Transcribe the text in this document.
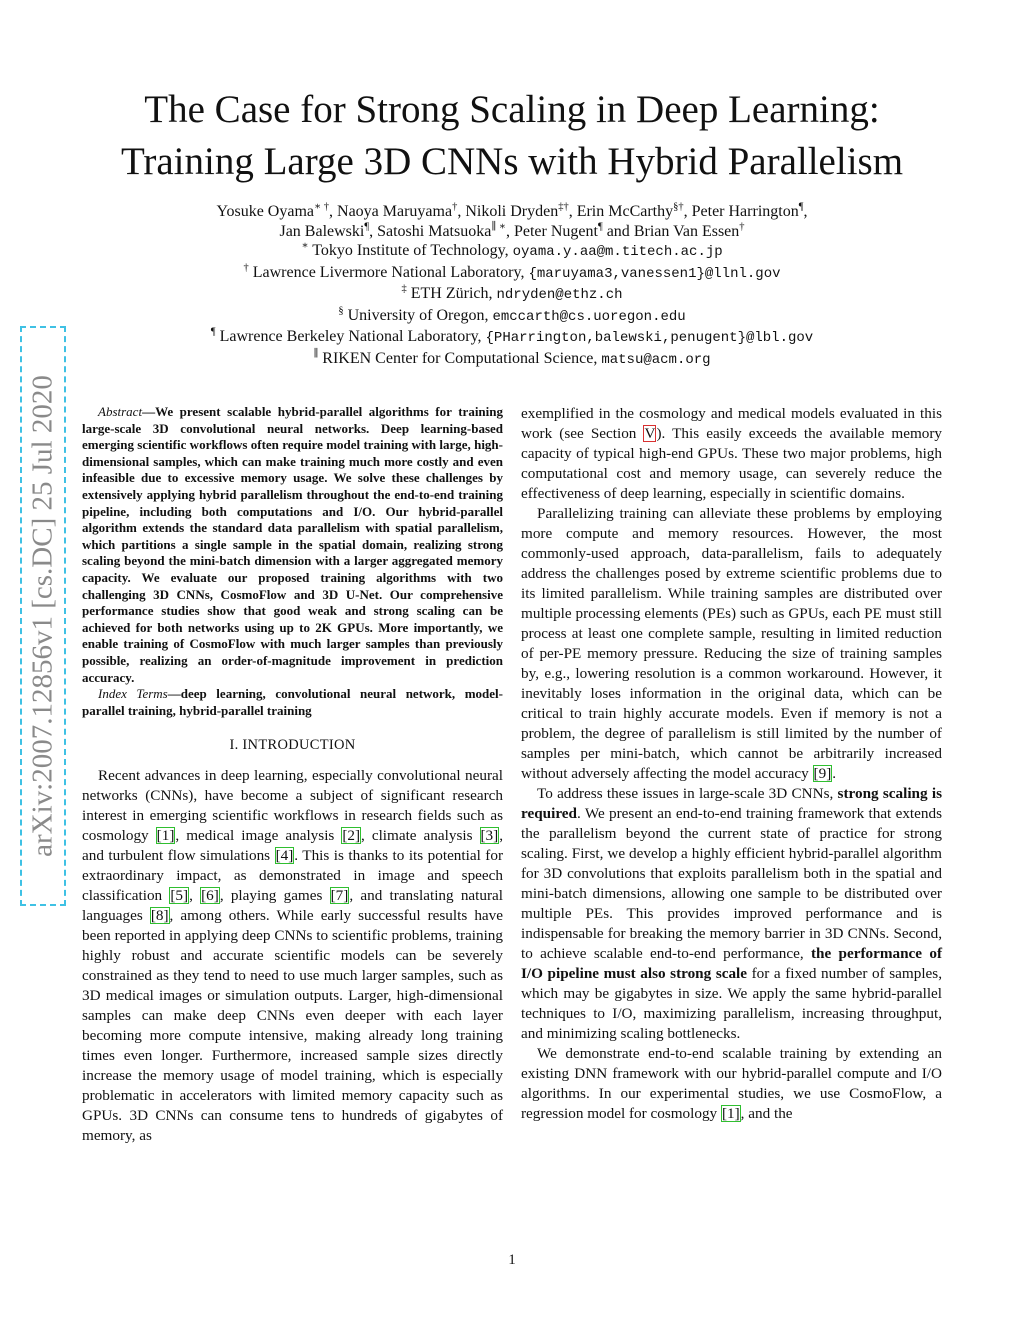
The Case for Strong Scaling in Deep Learning:
Training Large 3D CNNs with Hybrid Parallelism
Yosuke Oyama∗ †, Naoya Maruyama†, Nikoli Dryden‡†, Erin McCarthy§†, Peter Harrington¶,
Jan Balewski¶, Satoshi Matsuoka∥ ∗, Peter Nugent¶ and Brian Van Essen†
∗ Tokyo Institute of Technology, oyama.y.aa@m.titech.ac.jp
† Lawrence Livermore National Laboratory, {maruyama3,vanessen1}@llnl.gov
‡ ETH Zürich, ndryden@ethz.ch
§ University of Oregon, emccarth@cs.uoregon.edu
¶ Lawrence Berkeley National Laboratory, {PHarrington,balewski,penugent}@lbl.gov
∥ RIKEN Center for Computational Science, matsu@acm.org
arXiv:2007.12856v1 [cs.DC] 25 Jul 2020	Abstract—We present scalable hybrid-parallel algorithms for training large-scale 3D convolutional neural networks. Deep learning-based emerging scientific workflows often require model training with large, high-dimensional samples, which can make training much more costly and even infeasible due to excessive memory usage. We solve these challenges by extensively applying hybrid parallelism throughout the end-to-end training pipeline, including both computations and I/O. Our hybrid-parallel algorithm extends the standard data parallelism with spatial parallelism, which partitions a single sample in the spatial domain, realizing strong scaling beyond the mini-batch dimension with a larger aggregated memory capacity. We evaluate our proposed training algorithms with two challenging 3D CNNs, CosmoFlow and 3D U-Net. Our comprehensive performance studies show that good weak and strong scaling can be achieved for both networks using up to 2K GPUs. More importantly, we enable training of CosmoFlow with much larger samples than previously possible, realizing an order-of-magnitude improvement in prediction accuracy.
Index Terms—deep learning, convolutional neural network, model-parallel training, hybrid-parallel training
I. INTRODUCTION

Recent advances in deep learning, especially convolutional neural networks (CNNs), have become a subject of significant research interest in emerging scientific workflows in research fields such as cosmology [1], medical image analysis [2], climate analysis [3], and turbulent flow simulations [4]. This is thanks to its potential for extraordinary impact, as demonstrated in image and speech classification [5], [6], playing games [7], and translating natural languages [8], among others. While early successful results have been reported in applying deep CNNs to scientific problems, training highly robust and accurate scientific models can be severely constrained as they tend to need to use much larger samples, such as 3D medical images or simulation outputs. Larger, high-dimensional samples can make deep CNNs even deeper with each layer becoming more compute intensive, making already long training times even longer. Furthermore, increased sample sizes directly increase the memory usage of model training, which is especially problematic in accelerators with limited memory capacity such as GPUs. 3D CNNs can consume tens to hundreds of gigabytes of memory, as

exemplified in the cosmology and medical models evaluated in this work (see Section V). This easily exceeds the available memory capacity of typical high-end GPUs. These two major problems, high computational cost and memory usage, can severely reduce the effectiveness of deep learning, especially in scientific domains.

Parallelizing training can alleviate these problems by employing more compute and memory resources. However, the most commonly-used approach, data-parallelism, fails to adequately address the challenges posed by extreme scientific problems due to its limited parallelism. While training samples are distributed over multiple processing elements (PEs) such as GPUs, each PE must still process at least one complete sample, resulting in limited reduction of per-PE memory pressure. Reducing the size of training samples by, e.g., lowering resolution is a common workaround. However, it inevitably loses information in the original data, which can be critical to train highly accurate models. Even if memory is not a problem, the degree of parallelism is still limited by the number of samples per mini-batch, which cannot be arbitrarily increased without adversely affecting the model accuracy [9].

To address these issues in large-scale 3D CNNs, strong scaling is required. We present an end-to-end training framework that extends the parallelism beyond the current state of practice for strong scaling. First, we develop a highly efficient hybrid-parallel algorithm for 3D convolutions that exploits parallelism both in the spatial and mini-batch dimensions, allowing one sample to be distributed over multiple PEs. This provides improved performance and is indispensable for breaking the memory barrier in 3D CNNs. Second, to achieve scalable end-to-end performance, the performance of I/O pipeline must also strong scale for a fixed number of samples, which may be gigabytes in size. We apply the same hybrid-parallel techniques to I/O, maximizing parallelism, increasing throughput, and minimizing scaling bottlenecks.

We demonstrate end-to-end scalable training by extending an existing DNN framework with our hybrid-parallel compute and I/O algorithms. In our experimental studies, we use CosmoFlow, a regression model for cosmology [1], and the

1
